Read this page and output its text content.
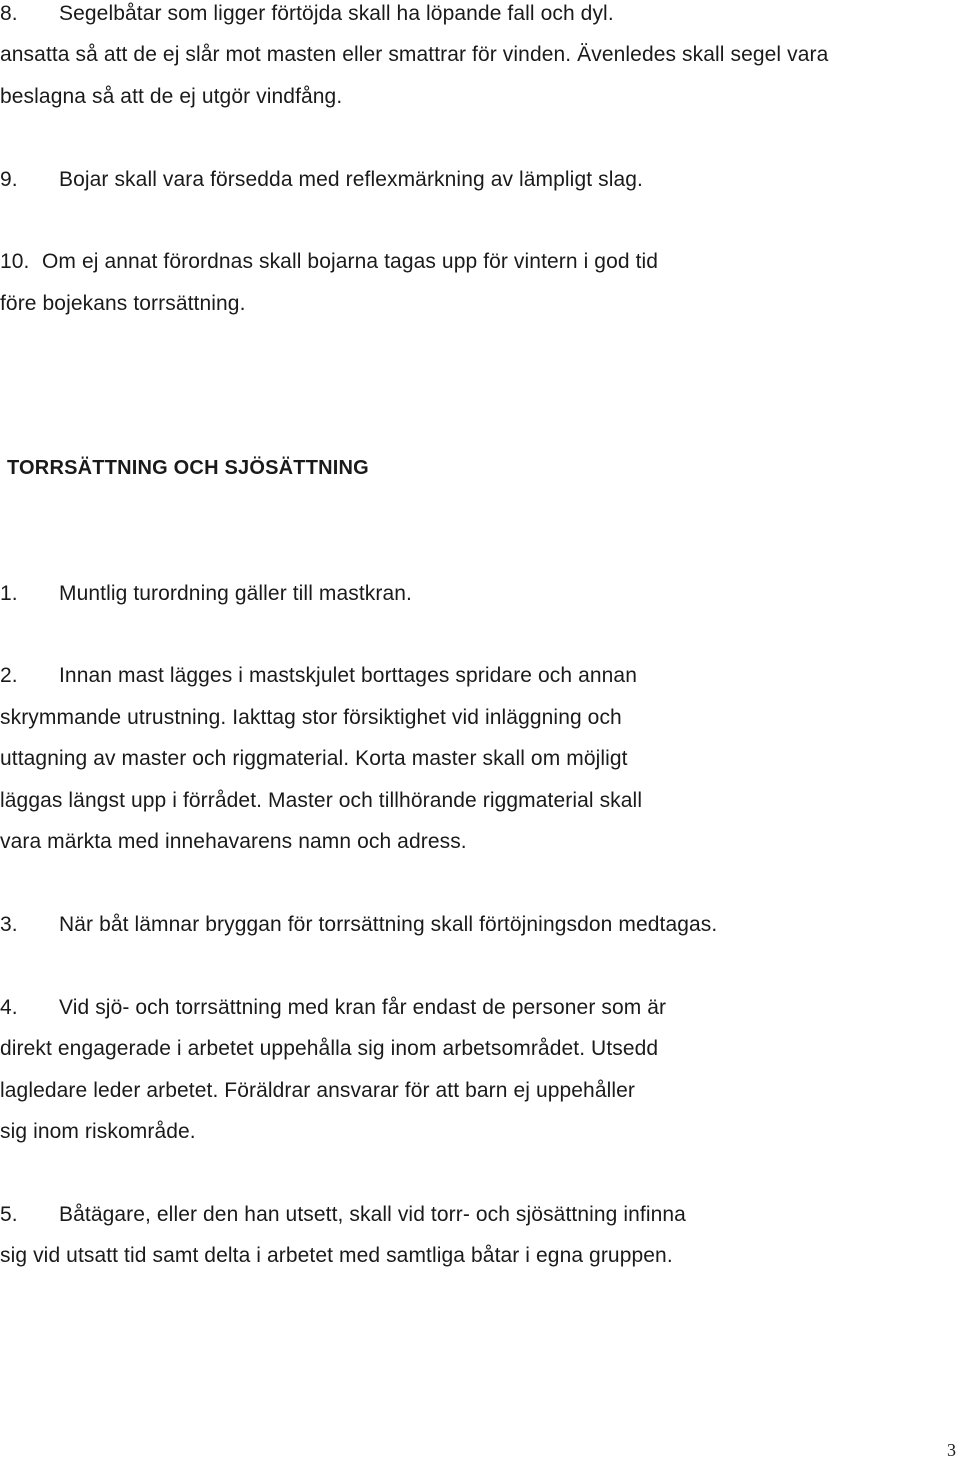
8. Segelbåtar som ligger förtöjda skall ha löpande fall och dyl.
ansatta så att de ej slår mot masten eller smattrar för vinden. Ävenledes skall segel vara
beslagna så att de ej utgör vindfång.
9. Bojar skall vara försedda med reflexmärkning av lämpligt slag.
10. Om ej annat förordnas skall bojarna tagas upp för vintern i god tid
före bojekans torrsättning.
TORRSÄTTNING OCH SJÖSÄTTNING
1. Muntlig turordning gäller till mastkran.
2. Innan mast lägges i mastskjulet borttages spridare och annan
skrymmande utrustning. Iakttag stor försiktighet vid inläggning och
uttagning av master och riggmaterial. Korta master skall om möjligt
läggas längst upp i förrådet. Master och tillhörande riggmaterial skall
vara märkta med innehavarens namn och adress.
3. När båt lämnar bryggan för torrsättning skall förtöjningsdon medtagas.
4. Vid sjö- och torrsättning med kran får endast de personer som är
direkt engagerade i arbetet uppehålla sig inom arbetsområdet. Utsedd
lagledare leder arbetet. Föräldrar ansvarar för att barn ej uppehåller
sig inom riskområde.
5. Båtägare, eller den han utsett, skall vid torr- och sjösättning infinna
sig vid utsatt tid samt delta i arbetet med samtliga båtar i egna gruppen.
3
